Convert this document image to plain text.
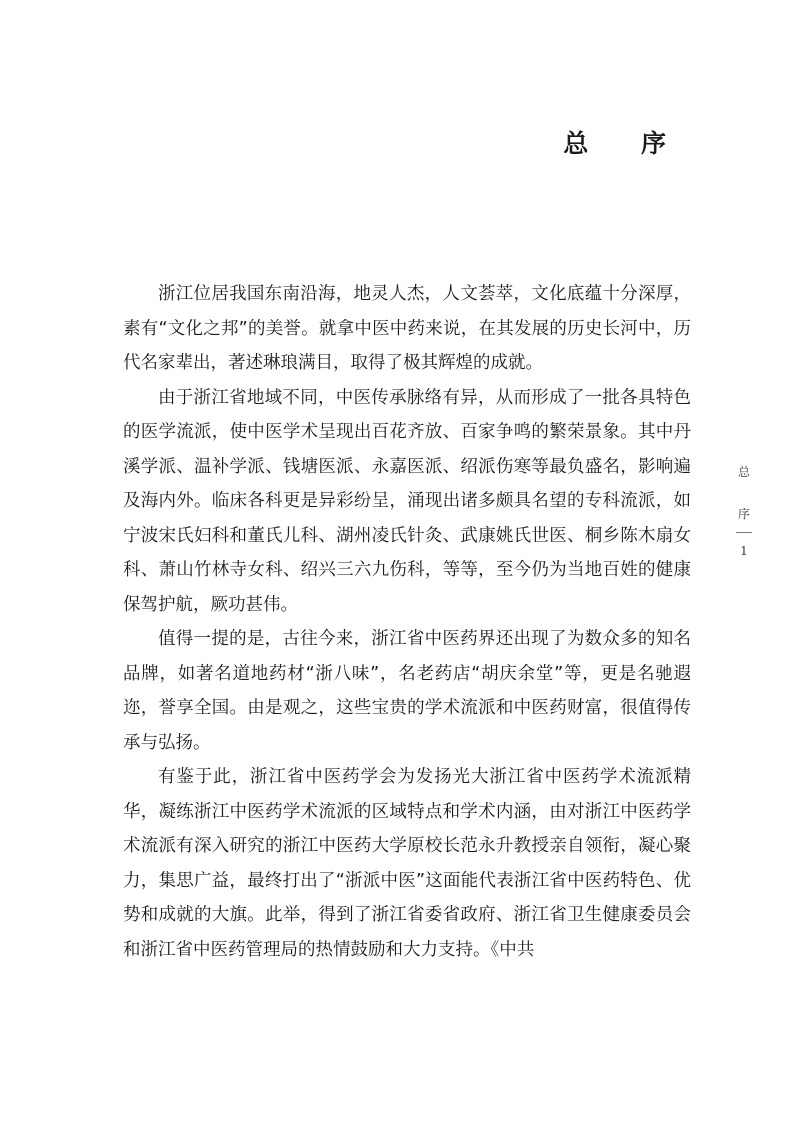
总 序

浙江位居我国东南沿海，地灵人杰，人文荟萃，文化底蕴十分深厚，素有“文化之邦”的美誉。就拿中医中药来说，在其发展的历史长河中，历代名家辈出，著述琳琅满目，取得了极其辉煌的成就。

由于浙江省地域不同，中医传承脉络有异，从而形成了一批各具特色的医学流派，使中医学术呈现出百花齐放、百家争鸣的繁荣景象。其中丹溪学派、温补学派、钱塘医派、永嘉医派、绍派伤寒等最负盛名，影响遍及海内外。临床各科更是异彩纷呈，涌现出诸多颇具名望的专科流派，如宁波宋氏妇科和董氏儿科、湖州凌氏针灸、武康姚氏世医、桐乡陈木扇女科、萧山竹林寺女科、绍兴三六九伤科，等等，至今仍为当地百姓的健康保驾护航，厥功甚伟。

值得一提的是，古往今来，浙江省中医药界还出现了为数众多的知名品牌，如著名道地药材“浙八味”，名老药店“胡庆余堂”等，更是名驰遐迩，誉享全国。由是观之，这些宝贵的学术流派和中医药财富，很值得传承与弘扬。

有鉴于此，浙江省中医药学会为发扬光大浙江省中医药学术流派精华，凝练浙江中医药学术流派的区域特点和学术内涵，由对浙江中医药学术流派有深入研究的浙江中医药大学原校长范永升教授亲自领衔，凝心聚力，集思广益，最终打出了“浙派中医”这面能代表浙江省中医药特色、优势和成就的大旗。此举，得到了浙江省委省政府、浙江省卫生健康委员会和浙江省中医药管理局的热情鼓励和大力支持。《中共

总
序
1
